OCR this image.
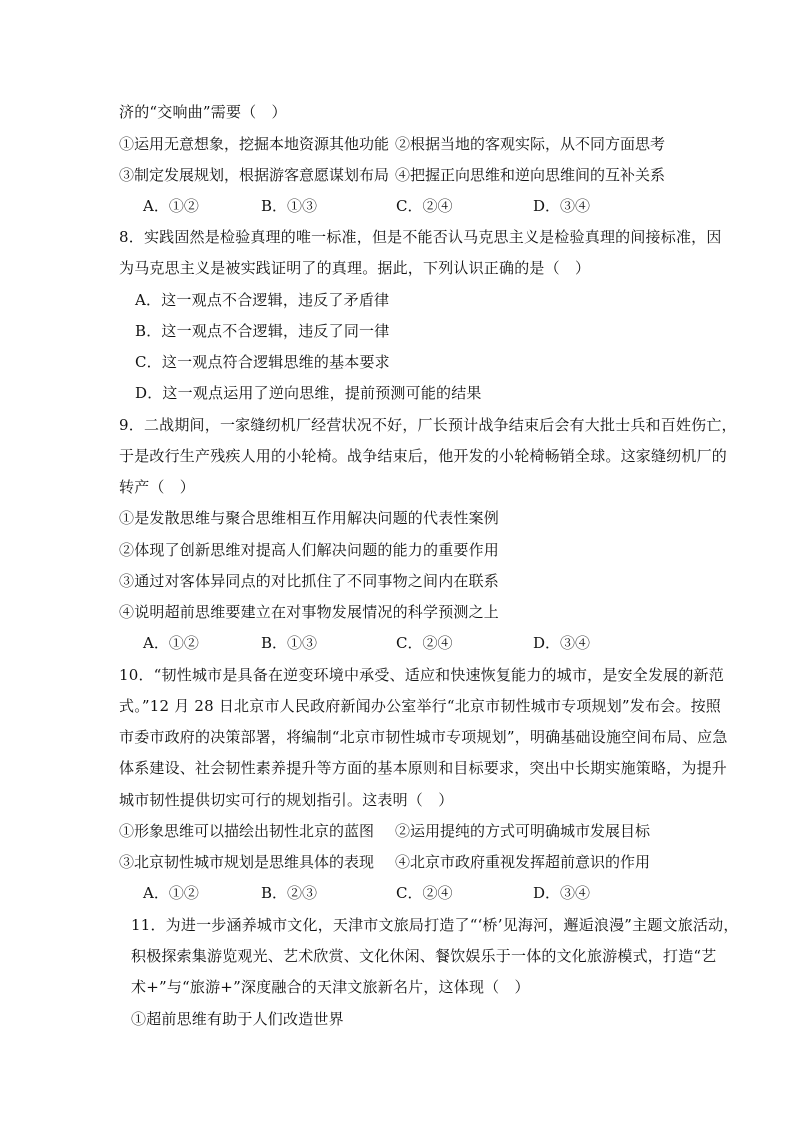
济的“交响曲”需要（　）
①运用无意想象，挖掘本地资源其他功能 ②根据当地的客观实际，从不同方面思考
③制定发展规划，根据游客意愿谋划布局 ④把握正向思维和逆向思维间的互补关系
A．①②	B．①③	C．②④	D．③④
8．实践固然是检验真理的唯一标准，但是不能否认马克思主义是检验真理的间接标准，因
为马克思主义是被实践证明了的真理。据此，下列认识正确的是（　）
A．这一观点不合逻辑，违反了矛盾律
B．这一观点不合逻辑，违反了同一律
C．这一观点符合逻辑思维的基本要求
D．这一观点运用了逆向思维，提前预测可能的结果
9．二战期间，一家缝纫机厂经营状况不好，厂长预计战争结束后会有大批士兵和百姓伤亡，
于是改行生产残疾人用的小轮椅。战争结束后，他开发的小轮椅畅销全球。这家缝纫机厂的
转产（　）
①是发散思维与聚合思维相互作用解决问题的代表性案例
②体现了创新思维对提高人们解决问题的能力的重要作用
③通过对客体异同点的对比抓住了不同事物之间内在联系
④说明超前思维要建立在对事物发展情况的科学预测之上
A．①②	B．①③	C．②④	D．③④
10．“韧性城市是具备在逆变环境中承受、适应和快速恢复能力的城市，是安全发展的新范
式。”12 月 28 日北京市人民政府新闻办公室举行“北京市韧性城市专项规划”发布会。按照
市委市政府的决策部署，将编制“北京市韧性城市专项规划”，明确基础设施空间布局、应急
体系建设、社会韧性素养提升等方面的基本原则和目标要求，突出中长期实施策略，为提升
城市韧性提供切实可行的规划指引。这表明（　）
①形象思维可以描绘出韧性北京的蓝图 ②运用提纯的方式可明确城市发展目标
③北京韧性城市规划是思维具体的表现 ④北京市政府重视发挥超前意识的作用
A．①②	B．②③	C．②④	D．③④
11．为进一步涵养城市文化，天津市文旅局打造了“‘桥’见海河，邂逅浪漫”主题文旅活动，
积极探索集游览观光、艺术欣赏、文化休闲、餐饮娱乐于一体的文化旅游模式，打造“艺
术+”与“旅游+”深度融合的天津文旅新名片，这体现（　）
①超前思维有助于人们改造世界
